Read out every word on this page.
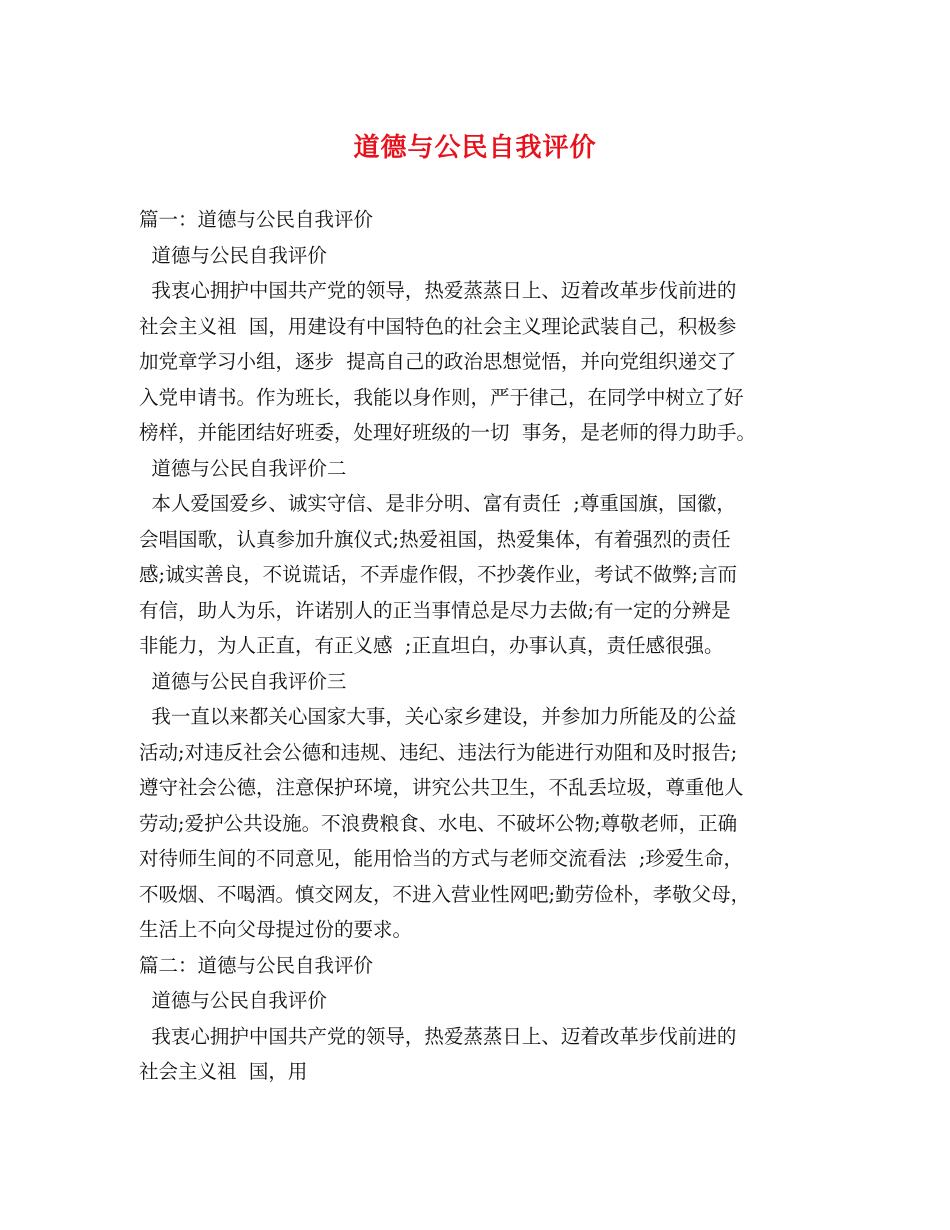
道德与公民自我评价
篇一：道德与公民自我评价
道德与公民自我评价
我衷心拥护中国共产党的领导，热爱蒸蒸日上、迈着改革步伐前进的
社会主义祖  国，用建设有中国特色的社会主义理论武装自己，积极参
加党章学习小组，逐步  提高自己的政治思想觉悟，并向党组织递交了
入党申请书。作为班长，我能以身作则，严于律己，在同学中树立了好
榜样，并能团结好班委，处理好班级的一切  事务，是老师的得力助手。
道德与公民自我评价二
本人爱国爱乡、诚实守信、是非分明、富有责任  ;尊重国旗，国徽，
会唱国歌，认真参加升旗仪式;热爱祖国，热爱集体，有着强烈的责任
感;诚实善良，不说谎话，不弄虚作假，不抄袭作业，考试不做弊;言而
有信，助人为乐，许诺别人的正当事情总是尽力去做;有一定的分辨是
非能力，为人正直，有正义感  ;正直坦白，办事认真，责任感很强。
道德与公民自我评价三
我一直以来都关心国家大事，关心家乡建设，并参加力所能及的公益
活动;对违反社会公德和违规、违纪、违法行为能进行劝阻和及时报告;
遵守社会公德，注意保护环境，讲究公共卫生，不乱丢垃圾，尊重他人
劳动;爱护公共设施。不浪费粮食、水电、不破坏公物;尊敬老师，正确
对待师生间的不同意见，能用恰当的方式与老师交流看法  ;珍爱生命，
不吸烟、不喝酒。慎交网友，不进入营业性网吧;勤劳俭朴，孝敬父母，
生活上不向父母提过份的要求。
篇二：道德与公民自我评价
道德与公民自我评价
我衷心拥护中国共产党的领导，热爱蒸蒸日上、迈着改革步伐前进的
社会主义祖  国，用
